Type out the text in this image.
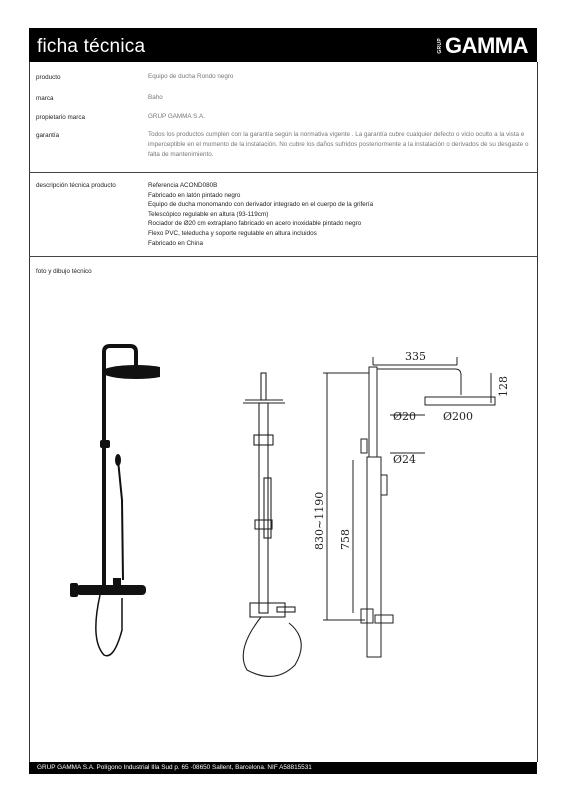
ficha técnica	GRUP GAMMA
producto	Equipo de ducha Rondo negro
marca	Baho
propietario marca	GRUP GAMMA S.A.
garantía	Todos los productos cumplen con la garantía según la normativa vigente . La garantía cubre cualquier defecto o vicio oculto a la vista e imperceptible en el momento de la instalación. No cubre los daños sufridos posteriormente a la instalación o derivados de su desgaste o falta de mantenimiento.
descripción técnica producto	Referencia ACOND080B
Fabricado en latón pintado negro
Equipo de ducha monomando con derivador integrado en el cuerpo de la grifería
Telescópico regulable en altura (93-119cm)
Rociador de Ø20 cm extraplano fabricado en acero inoxidable pintado negro
Flexo PVC, teleducha y soporte regulable en altura incluidos
Fabricado en China
foto y dibujo técnico
335
128
Ø20 Ø200
Ø24
830~1190 758
GRUP GAMMA S.A. Polígono Industrial Illa Sud p. 65 ·08650 Sallent, Barcelona. NIF A58815531
